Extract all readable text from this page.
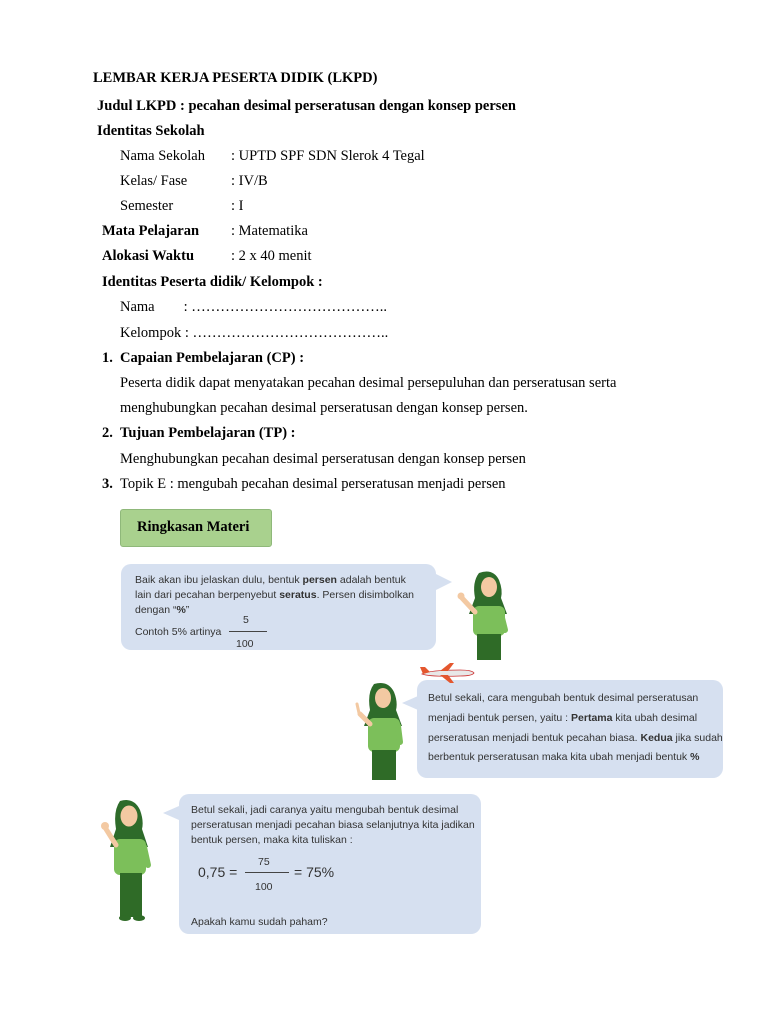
LEMBAR KERJA PESERTA DIDIK (LKPD)
Judul LKPD : pecahan desimal perseratusan dengan konsep persen
Identitas Sekolah
Nama Sekolah : UPTD SPF SDN Slerok 4 Tegal
Kelas/ Fase	: IV/B
Semester	: I
Mata Pelajaran : Matematika
Alokasi Waktu	: 2 x 40 menit
Identitas Peserta didik/ Kelompok :
Nama        : …………………………………..
Kelompok : …………………………………..
1. Capaian Pembelajaran (CP) :
Peserta didik dapat menyatakan pecahan desimal persepuluhan dan perseratusan serta
menghubungkan pecahan desimal perseratusan dengan konsep persen.
2. Tujuan Pembelajaran (TP) :
Menghubungkan pecahan desimal perseratusan dengan konsep persen
3. Topik E : mengubah pecahan desimal perseratusan menjadi persen
Ringkasan Materi
Baik akan ibu jelaskan dulu, bentuk persen adalah bentuk
lain dari pecahan berpenyebut seratus. Persen disimbolkan
dengan “%”
Contoh 5% artinya
5
100
Betul sekali, cara mengubah bentuk desimal perseratusan
menjadi bentuk persen, yaitu : Pertama kita ubah desimal
perseratusan menjadi bentuk pecahan biasa. Kedua jika sudah
berbentuk perseratusan maka kita ubah menjadi bentuk %
Betul sekali, jadi caranya yaitu mengubah bentuk desimal
perseratusan menjadi pecahan biasa selanjutnya kita jadikan
bentuk persen, maka kita tuliskan :
0,75 =
75
100
= 75%
Apakah kamu sudah paham?
